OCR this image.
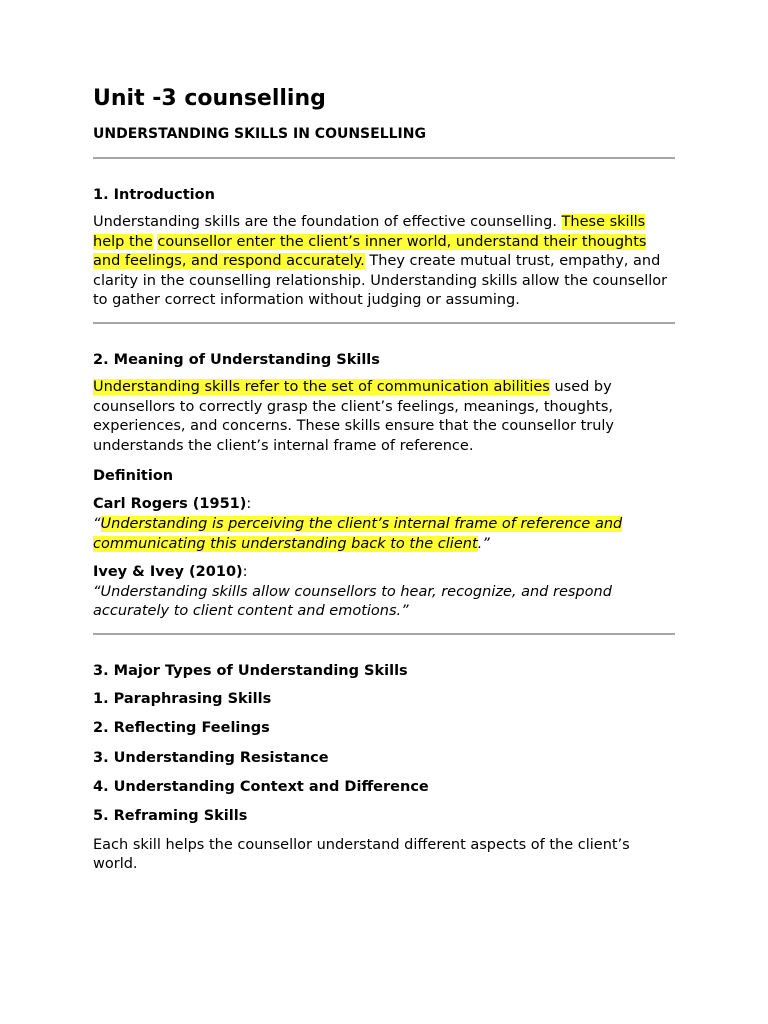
Unit -3 counselling
UNDERSTANDING SKILLS IN COUNSELLING
1. Introduction

Understanding skills are the foundation of effective counselling. These skills help the counsellor enter the client’s inner world, understand their thoughts and feelings, and respond accurately. They create mutual trust, empathy, and clarity in the counselling relationship. Understanding skills allow the counsellor to gather correct information without judging or assuming.

2. Meaning of Understanding Skills

Understanding skills refer to the set of communication abilities used by counsellors to correctly grasp the client’s feelings, meanings, thoughts, experiences, and concerns. These skills ensure that the counsellor truly understands the client’s internal frame of reference.

Definition
Carl Rogers (1951):
“Understanding is perceiving the client’s internal frame of reference and communicating this understanding back to the client.”
Ivey & Ivey (2010):
“Understanding skills allow counsellors to hear, recognize, and respond accurately to client content and emotions.”
3. Major Types of Understanding Skills
1. Paraphrasing Skills
2. Reflecting Feelings
3. Understanding Resistance
4. Understanding Context and Difference
5. Reframing Skills

Each skill helps the counsellor understand different aspects of the client’s world.
